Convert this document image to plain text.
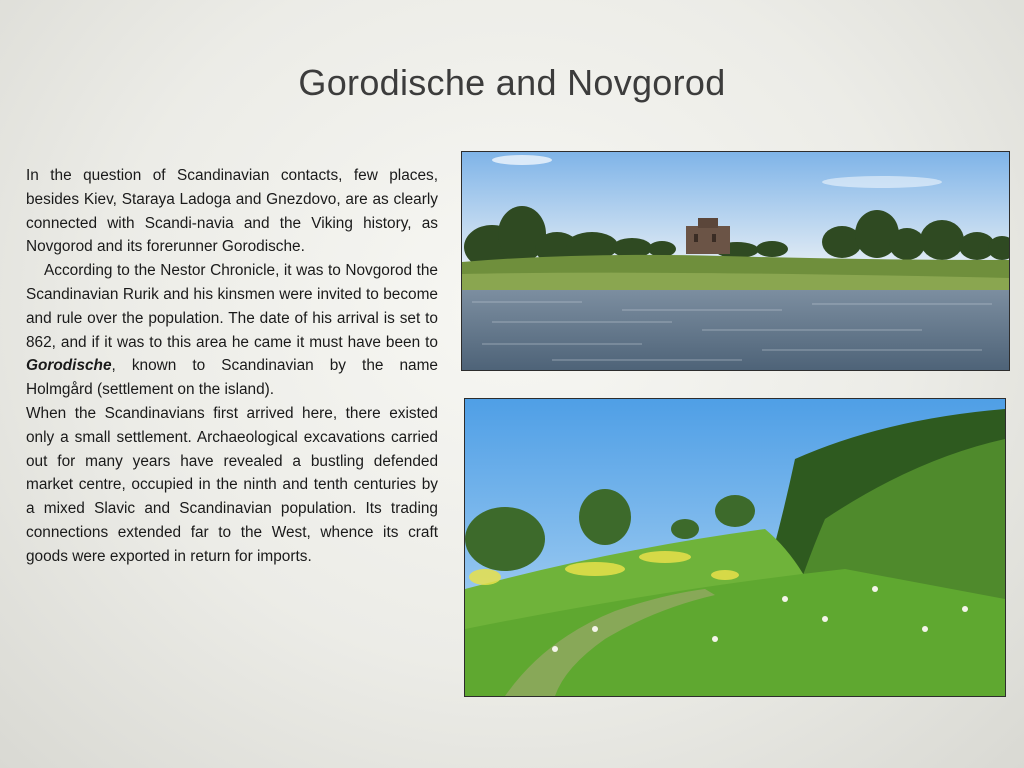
Gorodische and Novgorod

In the question of Scandinavian contacts, few places, besides Kiev, Staraya Ladoga and Gnezdovo, are as clearly connected with Scandi-navia and the Viking history, as Novgorod and its forerunner Gorodische.

According to the Nestor Chronicle, it was to Novgorod the Scandinavian Rurik and his kinsmen were invited to become and rule over the population. The date of his arrival is set to 862, and if it was to this area he came it must have been to Gorodische, known to Scandinavian by the name Holmgård (settlement on the island).

When the Scandinavians first arrived here, there existed only a small settlement. Archaeological excavations carried out for many years have revealed a bustling defended market centre, occupied in the ninth and tenth centuries by a mixed Slavic and Scandinavian population. Its trading connections extended far to the West, whence its craft goods were exported in return for imports.
